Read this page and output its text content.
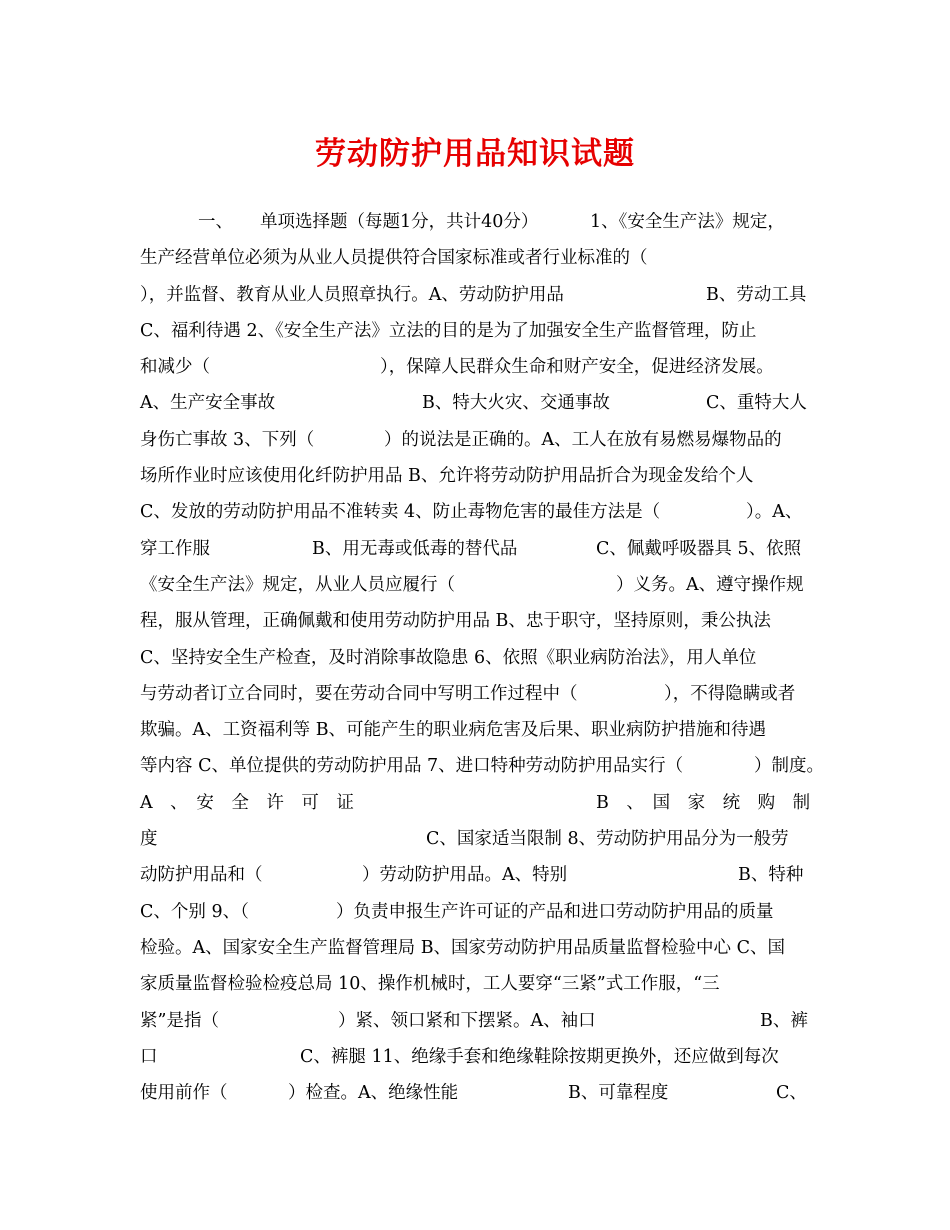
劳动防护用品知识试题
一、 单项选择题（每题1分，共计40分）	1、《安全生产法》规定，
生产经营单位必须为从业人员提供符合国家标准或者行业标准的（
），并监督、教育从业人员照章执行。A、劳动防护用品	B、劳动工具
C、福利待遇 2、《安全生产法》立法的目的是为了加强安全生产监督管理，防止
和减少（	），保障人民群众生命和财产安全，促进经济发展。
A、生产安全事故	B、特大火灾、交通事故	C、重特大人
身伤亡事故 3、下列（	）的说法是正确的。A、工人在放有易燃易爆物品的
场所作业时应该使用化纤防护用品 B、允许将劳动防护用品折合为现金发给个人
C、发放的劳动防护用品不准转卖 4、防止毒物危害的最佳方法是（	）。A、
穿工作服	B、用无毒或低毒的替代品	C、佩戴呼吸器具 5、依照
《安全生产法》规定，从业人员应履行（	）义务。A、遵守操作规
程，服从管理，正确佩戴和使用劳动防护用品 B、忠于职守，坚持原则，秉公执法
C、坚持安全生产检查，及时消除事故隐患 6、依照《职业病防治法》，用人单位
与劳动者订立合同时，要在劳动合同中写明工作过程中（	），不得隐瞒或者
欺骗。A、工资福利等 B、可能产生的职业病危害及后果、职业病防护措施和待遇
等内容 C、单位提供的劳动防护用品 7、进口特种劳动防护用品实行（	）制度。
A　、　安　全　许　可　证	B　、　国　家　统　购　制
度	C、国家适当限制 8、劳动防护用品分为一般劳
动防护用品和（	）劳动防护用品。A、特别	B、特种
C、个别 9、（	）负责申报生产许可证的产品和进口劳动防护用品的质量
检验。A、国家安全生产监督管理局 B、国家劳动防护用品质量监督检验中心 C、国
家质量监督检验检疫总局 10、操作机械时，工人要穿“三紧”式工作服，“三
紧”是指（	）紧、领口紧和下摆紧。A、袖口	B、裤
口	C、裤腿 11、绝缘手套和绝缘鞋除按期更换外，还应做到每次
使用前作（	）检查。A、绝缘性能	B、可靠程度	C、
